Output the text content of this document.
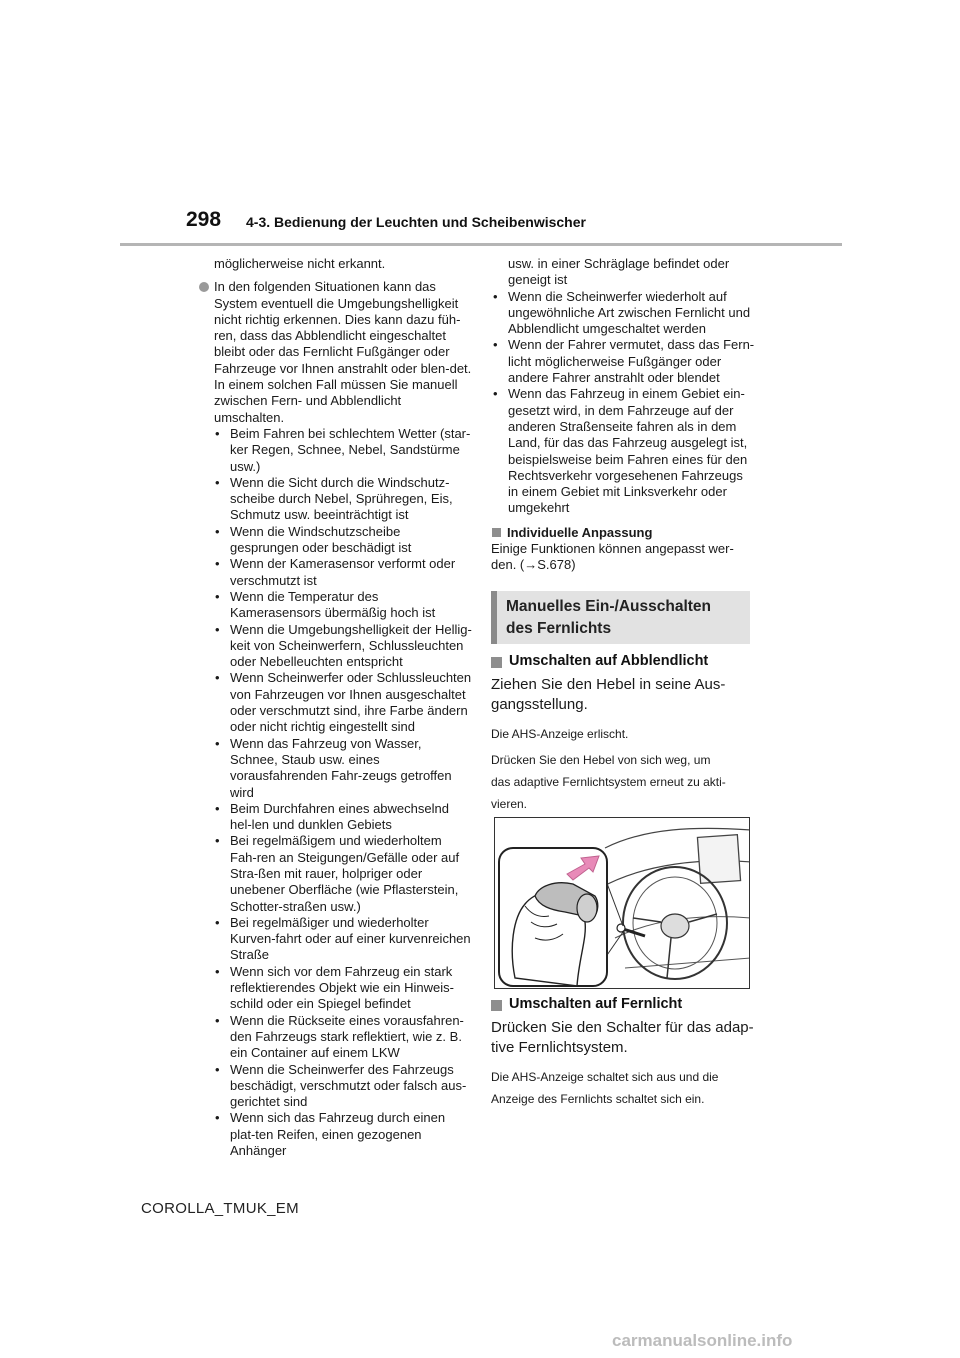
298 4-3. Bedienung der Leuchten und Scheibenwischer

möglicherweise nicht erkannt.

In den folgenden Situationen kann das System eventuell die Umgebungshelligkeit nicht richtig erkennen. Dies kann dazu füh-ren, dass das Abblendlicht eingeschaltet bleibt oder das Fernlicht Fußgänger oder Fahrzeuge vor Ihnen anstrahlt oder blen-det. In einem solchen Fall müssen Sie manuell zwischen Fern- und Abblendlicht umschalten.
• Beim Fahren bei schlechtem Wetter (star-ker Regen, Schnee, Nebel, Sandstürme usw.)
• Wenn die Sicht durch die Windschutz-scheibe durch Nebel, Sprühregen, Eis, Schmutz usw. beeinträchtigt ist
• Wenn die Windschutzscheibe gesprungen oder beschädigt ist
• Wenn der Kamerasensor verformt oder verschmutzt ist
• Wenn die Temperatur des Kamerasensors übermäßig hoch ist
• Wenn die Umgebungshelligkeit der Hellig-keit von Scheinwerfern, Schlussleuchten oder Nebelleuchten entspricht
• Wenn Scheinwerfer oder Schlussleuchten von Fahrzeugen vor Ihnen ausgeschaltet oder verschmutzt sind, ihre Farbe ändern oder nicht richtig eingestellt sind
• Wenn das Fahrzeug von Wasser, Schnee, Staub usw. eines vorausfahrenden Fahr-zeugs getroffen wird
• Beim Durchfahren eines abwechselnd hel-len und dunklen Gebiets
• Bei regelmäßigem und wiederholtem Fah-ren an Steigungen/Gefälle oder auf Stra-ßen mit rauer, holpriger oder unebener Oberfläche (wie Pflasterstein, Schotter-straßen usw.)
• Bei regelmäßiger und wiederholter Kurven-fahrt oder auf einer kurvenreichen Straße
• Wenn sich vor dem Fahrzeug ein stark reflektierendes Objekt wie ein Hinweis-schild oder ein Spiegel befindet
• Wenn die Rückseite eines vorausfahren-den Fahrzeugs stark reflektiert, wie z. B. ein Container auf einem LKW
• Wenn die Scheinwerfer des Fahrzeugs beschädigt, verschmutzt oder falsch aus-gerichtet sind
• Wenn sich das Fahrzeug durch einen plat-ten Reifen, einen gezogenen Anhänger

usw. in einer Schräglage befindet oder geneigt ist

• Wenn die Scheinwerfer wiederholt auf ungewöhnliche Art zwischen Fernlicht und Abblendlicht umgeschaltet werden
• Wenn der Fahrer vermutet, dass das Fern-licht möglicherweise Fußgänger oder andere Fahrer anstrahlt oder blendet
• Wenn das Fahrzeug in einem Gebiet ein-gesetzt wird, in dem Fahrzeuge auf der anderen Straßenseite fahren als in dem Land, für das das Fahrzeug ausgelegt ist, beispielsweise beim Fahren eines für den Rechtsverkehr vorgesehenen Fahrzeugs in einem Gebiet mit Linksverkehr oder umgekehrt

Individuelle Anpassung

Einige Funktionen können angepasst wer-den. (→S.678)

Manuelles Ein-/Ausschalten
des Fernlichts

Umschalten auf Abblendlicht

Ziehen Sie den Hebel in seine Aus-gangsstellung.

Die AHS-Anzeige erlischt.

Drücken Sie den Hebel von sich weg, um

das adaptive Fernlichtsystem erneut zu akti-

vieren.

Umschalten auf Fernlicht

Drücken Sie den Schalter für das adap-tive Fernlichtsystem.

Die AHS-Anzeige schaltet sich aus und die

Anzeige des Fernlichts schaltet sich ein.

COROLLA_TMUK_EM
carmanualsonline.info
